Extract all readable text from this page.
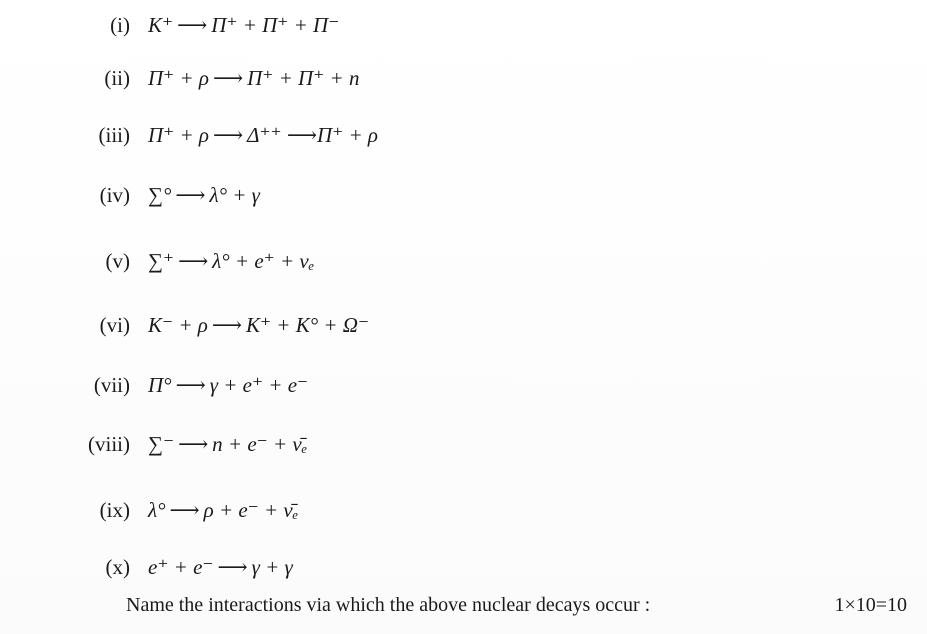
(i) K⁺ ⟶ Π⁺ + Π⁺ + Π⁻
(ii) Π⁺ + ρ ⟶ Π⁺ + Π⁺ + n
(iii) Π⁺ + ρ ⟶ Δ⁺⁺ ⟶ Π⁺ + ρ
(iv) ∑° ⟶ λ° + γ
(v) ∑⁺ ⟶ λ° + e⁺ + νₑ
(vi) K⁻ + ρ ⟶ K⁺ + K° + Ω⁻
(vii) Π° ⟶ γ + e⁺ + e⁻
(viii) ∑⁻ ⟶ n + e⁻ + ν̄ₑ
(ix) λ° ⟶ ρ + e⁻ + ν̄ₑ
(x) e⁺ + e⁻ ⟶ γ + γ
Name the interactions via which the above nuclear decays occur :	1×10=10
